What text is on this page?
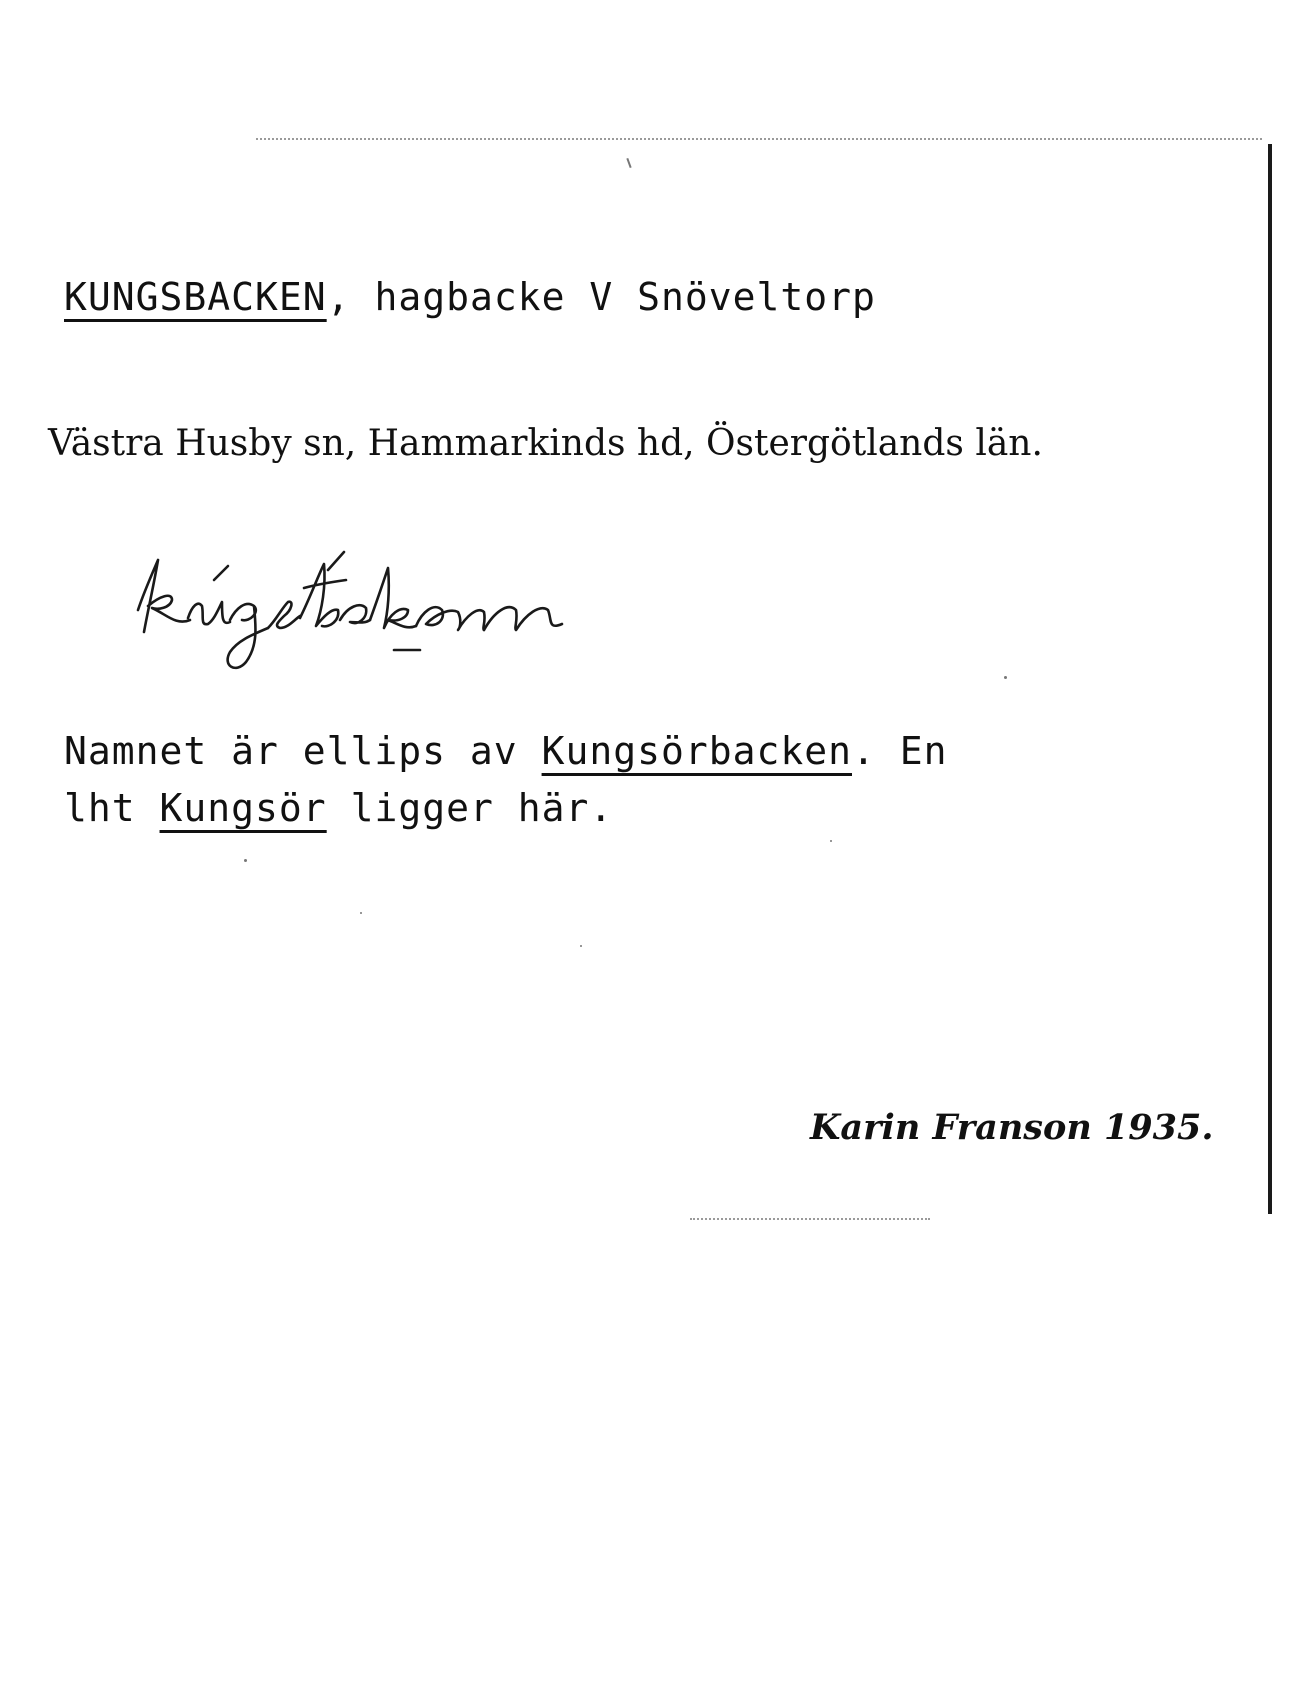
KUNGSBACKEN, hagbacke V Snöveltorp
Västra Husby sn, Hammarkinds hd, Östergötlands län.
Namnet är ellips av Kungsörbacken. En
lht Kungsör ligger här.
Karin Franson 1935.
